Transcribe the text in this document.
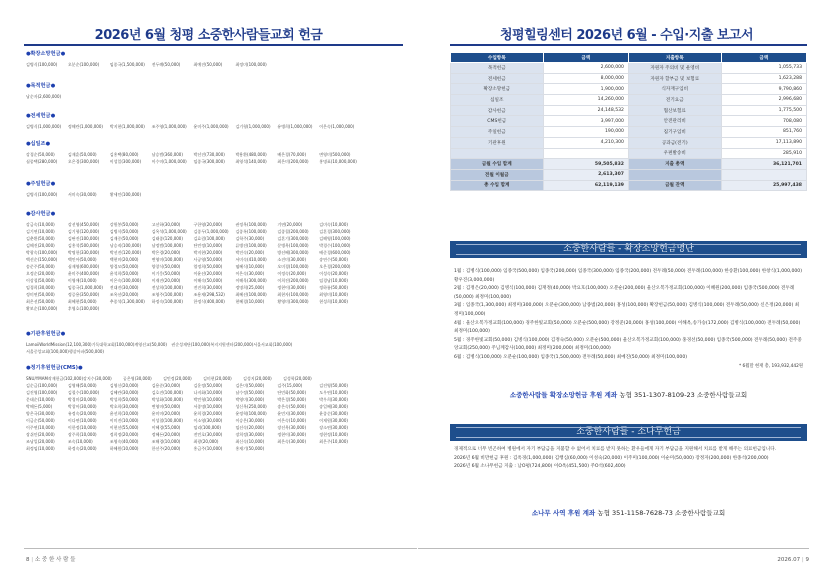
2026년 6월 청평 소중한사람들교회 헌금
●확장소망헌금●
김병식(100,000)	오분순(100,000)	임종국(1,500,000)	전두례(50,000)	최예진(50,000)	최정미(100,000)
●목적헌금●
남순자(2,600,000)
●전세헌금●
김병식(1,000,000)	정해란(1,000,000)	박지현(1,000,000)	조주영(1,000,000)	윤미주(1,000,000)	김기형(1,000,000)	유병희(1,000,000)	이은숙(1,000,000)
●십일조●
강경순(50,000)	김재훈(50,000)	김홍택(80,000)	남승범(360,000)	박선진(730,000)	박용환(480,000)	배은경(70,000)	변영미(500,000)
심종택(280,000)	오은경(300,000)	이성일(300,000)	이수미(1,000,000)	임종국(300,000)	최영석(140,000)	최은미(200,000)	홍명표(10,000,000)
●주일헌금●
김병식(100,000)	서미숙(30,000)	황세인(100,000)
●감사헌금●
강금숙(10,000)	강선영(450,000)	강원봉(50,000)	고선하(30,000)	구한영(20,000)	권정옥(100,000)	기연(20,000)	김미숙(10,000)
김기연(10,000)	김기형(120,000)	김병식(50,000)	김옥석(1,000,000)	김종두(1,000,000)	김종록(100,000)	김종철(200,000)	김혼경(300,000)
김춘환(50,000)	김판진(100,000)	김재중(50,000)	김태종(120,000)	김효림(100,000)	김학주(30,000)	김혼기(300,000)	김해영(100,000)
김해진(20,000)	김홍석(500,000)	남승직(100,000)	남정범(100,000)	단민정(10,000)	류병진(100,000)	문병옥(100,000)	박경수(100,000)
박광숙(100,000)	박명헌(330,000)	박선진(120,000)	박은경(20,000)	박지현(20,000)	박진숙(20,000)	방선혜(300,000)	배준경(600,000)
백선순(150,000)	백인아(50,000)	백현미(20,000)	변영미(100,000)	사공영(50,000)	서미숙(410,000)	소진미(30,000)	송연수(50,000)
송준주(50,000)	심재영(600,000)	양경모(50,000)	양창식(50,000)	엄정희(50,000)	염혜식(10,000)	오미경(100,000)	오은경(200,000)
오정순(20,000)	윤미주(400,000)	윤석희(50,000)	이기웅(50,000)	이윤선(20,000)	이은숙(30,000)	이정숙(20,000)	이성숙(20,000)
이상철(50,000)	이영애(10,000)	이은숙(100,000)	이재진(20,000)	이해숙(50,000)	이해욱(300,000)	이희진(200,000)	임경남(10,000)
임경희(30,000)	임종국(1,000,000)	전대진(30,000)	전상희(100,000)	전진희(30,000)	정명희(25,000)	정현이(30,000)	정하름(50,000)
정미연(50,000)	정증용(350,000)	조옥선(20,000)	조영주(100,000)	조용재(298,532)	최혜선(100,000)	최현자(100,000)	최영미(10,000)
최은선(50,000)	최혜현(50,000)	추종석(1,300,000)	하정숙(100,000)	한정식(400,000)	현혜경(10,000)	황영미(300,000)	현성희(10,000)
황보순(100,000)	후영호(100,000)
●기관후원헌금●
LamoiiWorldMission(12,100,300) 기독대학교회(100,000) 계영선교(50,000)	권순성재단(100,000) 복지지원센터(200,000) 서울서교회(100,000)
서울중앙교회(100,000) 행살아파(500,000)
●정기후원헌금(CMS)●
SNU/YMAM작재헌금(102,000) 강지수(30,000)	공은영(30,000)	김민정(20,000)	김미현(20,000)	김성지(20,000)	김성학(20,000)
김순금(100,000)	김영해(50,000)	김영신(20,000)	김용준(30,000)	김운정(50,000)	김은미(50,000)	김주(15,000)	김진영(50,000)
김진영(100,000)	김철수(100,000)	김혜란(30,000)	김호진(100,000)	나지화(10,000)	남수정(50,000)	단민화(50,000)	도우연(10,000)
문태순(10,000)	박경미(20,000)	박성희(50,000)	박성화(100,000)	박민형(10,000)	박영미(30,000)	박은경(50,000)	박우희(30,000)
박해든(5,000)	박창이(30,000)	박초희(30,000)	변영미(50,000)	서종명(10,000)	성신옥(250,000)	송은숙(50,000)	송일혜(30,000)
양은국(30,000)	유정숙(20,000)	윤선희(10,000)	윤미미(20,000)	윤희경(20,000)	윤정혁(100,000)	윤민지(30,000)	윤종순(30,000)
이금순(50,000)	이다연(10,000)	이미진(10,000)	이성철(100,000)	이소영(30,000)	이승은(30,000)	이은숙(10,000)	이재원(30,000)
이주연(10,000)	이한정(10,000)	이현선(55,000)	이혜경(55,000)	임리(100,000)	임선숙(20,000)	장선옥(30,000)	장소연(30,000)
장쉬안(20,000)	장주희(10,000)	정희정(20,000)	정혜든(20,000)	전민호(30,000)	장희정(30,000)	정현이(30,000)	정현정(10,000)
조남일(20,000)	조숙(10,000)	조영숙(40,000)	조해경(10,000)	최광(20,000)	최신숙(10,000)	최은숙(30,000)	최은주(10,000)
최정임(10,000)	하정숙(20,000)	하혜원(10,000)	한선주(20,000)	홍금주(10,000)	홍재기(50,000)
8 | 소 중 한 사 람 들
청평힐링센터 2026년 6월 - 수입·지출 보고서
수입항목	금액	지출항목	금액
목적헌금	2,600,000	자원자 주의비 및 운영비	1,055,733
전세헌금	8,000,000	자원자 할부금 및 보험료	1,623,288
확장소망헌금	1,900,000	식자재구입비	9,790,860
십일조	14,260,000	전기요금	2,996,680
감사헌금	24,148,532	협산보험료	1,775,500
CMS헌금	3,997,000	안전관리비	708,080
주일헌금	190,000	집기구입비	851,760
기관후원	4,210,300	공과금(전기)	17,113,890
		우편발송비	285,910
금월 수입 합계	59,505,832	지출 총액	36,121,701
전월 이월금	2,613,307		
총 수입 합계	62,119,139	금월 잔액	25,997,438
소중한사람들 - 확장소망헌금명단
1월 : 김병식(100,000) 임종국(500,000) 임종국(200,000) 임종국(300,000) 임종국(200,000) 전두례(50,000) 전두례(100,000) 한송환(100,000) 한창식(1,000,000) 황우진(3,000,000)
2월 : 김정은(20,000) 김병식(100,000) 김재정(40,000) 박요호(100,000) 오분순(200,000) 울산오복가정교회(100,000) 이혜원(200,000) 임종국(500,000) 전두례(50,000) 최정미(100,000)
3월 : 임종국(1,300,000) 최정미(300,000) 오분순(300,000) 남종범(20,000) 홍성(100,000) 확장헌금(50,000) 김병식(100,000) 전두례(50,000) 신은정(20,000) 최정미(100,000)
4월 : 울산오복가정교회(100,000) 경주한빛교회(50,000) 오분순(500,000) 강정준(20,000) 홍성(100,000) 이해옥,송가승(172,000) 김병식(100,000) 전두례(50,000) 최정미(100,000)
5월 : 경주한빛교회(50,000) 김병식(100,000) 김정숙(50,000) 오분순(500,000) 울산오복가정교회(100,000) 홍경선(50,000) 임종국(500,000) 전두례(50,000) 전주중앙교회(250,000) 주님께감사(100,000) 최정미(200,000) 최정미(100,000)
6월 : 김병식(100,000) 오분순(100,000) 임종국(1,500,000) 전두례(50,000) 최예진(50,000) 최정미(100,000)
* 6월말 현재 총, 193,932,442원
소중한사람들 확장소망헌금 후원 계좌 농협 351-1307-8109-23 소중한사람들교회
소중한사람들 - 소나무헌금
경제적으로 너무 빈곤하여 병원에서 자기 부담금을 지불할 수 없어서 치료를 받지 못하는 환우들에게 자기 부담금을 지원해서 치료를 받게 해주는 의료헌금입니다.
2026년 6월 비만헌금 후원 : 김옥경(1,000,000) 김행심(60,000) 이성숙(20,000) 이주미(100,000) 이순미(50,000) 장정자(200,000) 한종석(200,000)
2026년 6월 소나무헌금 지출 : 남O평(724,800) 이O옥(451,500) 주O석(602,400)
소나무 사역 후원 계좌 농협 351-1158-7628-73 소중한사람들교회
2026.07 | 9
